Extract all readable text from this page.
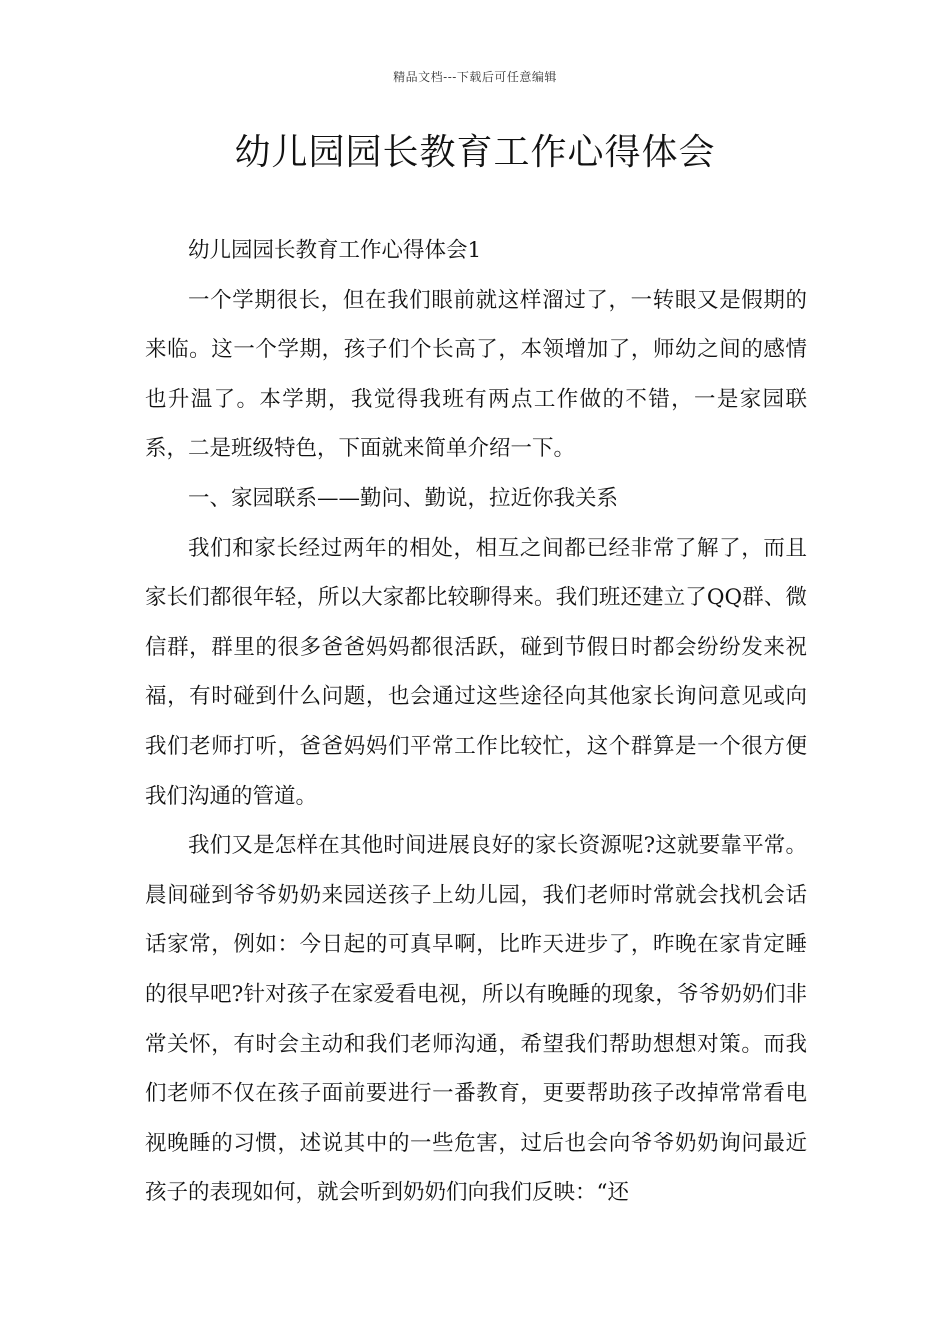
精品文档---下载后可任意编辑
幼儿园园长教育工作心得体会

幼儿园园长教育工作心得体会1

一个学期很长，但在我们眼前就这样溜过了，一转眼又是假期的来临。这一个学期，孩子们个长高了，本领增加了，师幼之间的感情也升温了。本学期，我觉得我班有两点工作做的不错，一是家园联系，二是班级特色，下面就来简单介绍一下。

一、家园联系——勤问、勤说，拉近你我关系

我们和家长经过两年的相处，相互之间都已经非常了解了，而且家长们都很年轻，所以大家都比较聊得来。我们班还建立了QQ群、微信群，群里的很多爸爸妈妈都很活跃，碰到节假日时都会纷纷发来祝福，有时碰到什么问题，也会通过这些途径向其他家长询问意见或向我们老师打听，爸爸妈妈们平常工作比较忙，这个群算是一个很方便我们沟通的管道。

我们又是怎样在其他时间进展良好的家长资源呢?这就要靠平常。晨间碰到爷爷奶奶来园送孩子上幼儿园，我们老师时常就会找机会话话家常，例如：今日起的可真早啊，比昨天进步了，昨晚在家肯定睡的很早吧?针对孩子在家爱看电视，所以有晚睡的现象，爷爷奶奶们非常关怀，有时会主动和我们老师沟通，希望我们帮助想想对策。而我们老师不仅在孩子面前要进行一番教育，更要帮助孩子改掉常常看电视晚睡的习惯，述说其中的一些危害，过后也会向爷爷奶奶询问最近孩子的表现如何，就会听到奶奶们向我们反映：“还
